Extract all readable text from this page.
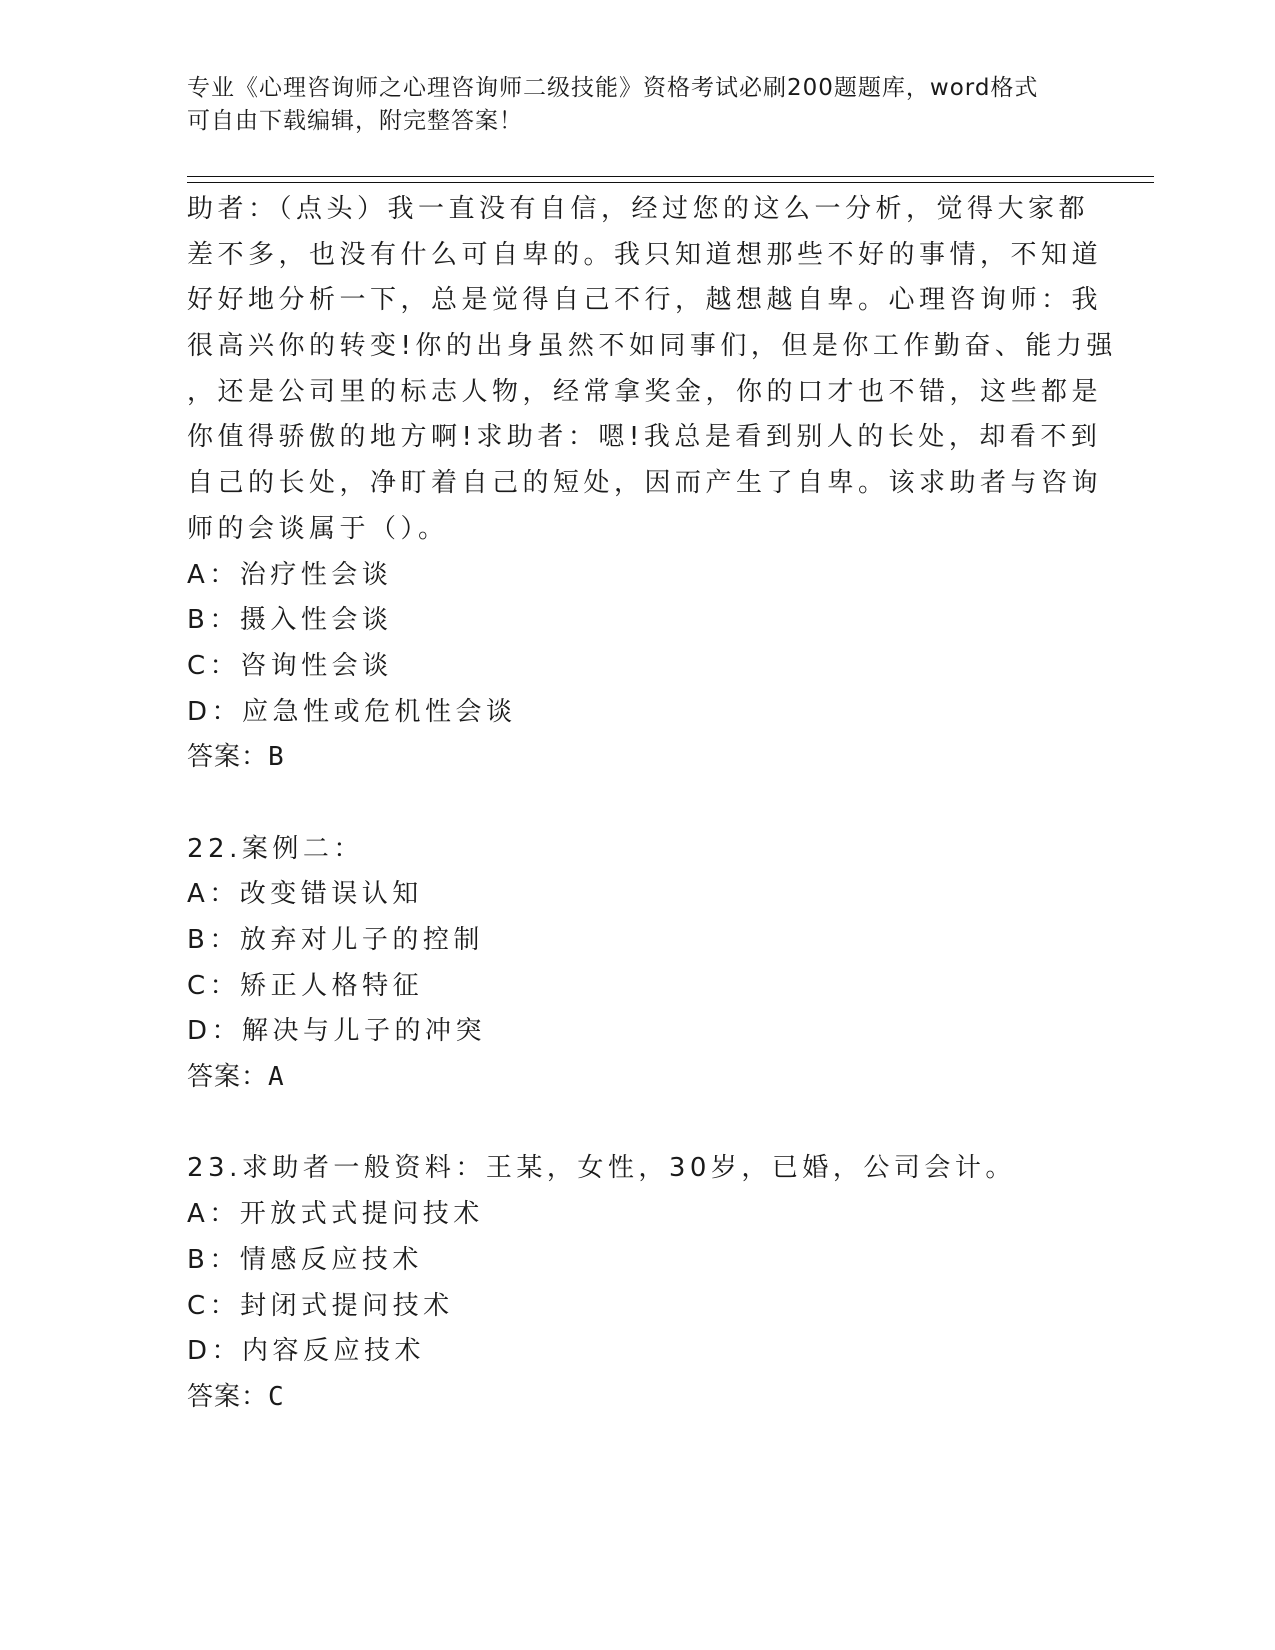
专业《心理咨询师之心理咨询师二级技能》资格考试必刷200题题库，word格式
可自由下载编辑，附完整答案！

助者：（点头）我一直没有自信，经过您的这么一分析，觉得大家都

差不多，也没有什么可自卑的。我只知道想那些不好的事情，不知道

好好地分析一下，总是觉得自己不行，越想越自卑。心理咨询师：我

很高兴你的转变!你的出身虽然不如同事们，但是你工作勤奋、能力强

，还是公司里的标志人物，经常拿奖金，你的口才也不错，这些都是

你值得骄傲的地方啊!求助者：嗯!我总是看到别人的长处，却看不到

自己的长处，净盯着自己的短处，因而产生了自卑。该求助者与咨询

师的会谈属于（）。

A：治疗性会谈

B：摄入性会谈

C：咨询性会谈

D：应急性或危机性会谈

答案：B

22.案例二：

A：改变错误认知

B：放弃对儿子的控制

C：矫正人格特征

D：解决与儿子的冲突

答案：A

23.求助者一般资料：王某，女性，30岁，已婚，公司会计。

A：开放式式提问技术

B：情感反应技术

C：封闭式提问技术

D：内容反应技术

答案：C
